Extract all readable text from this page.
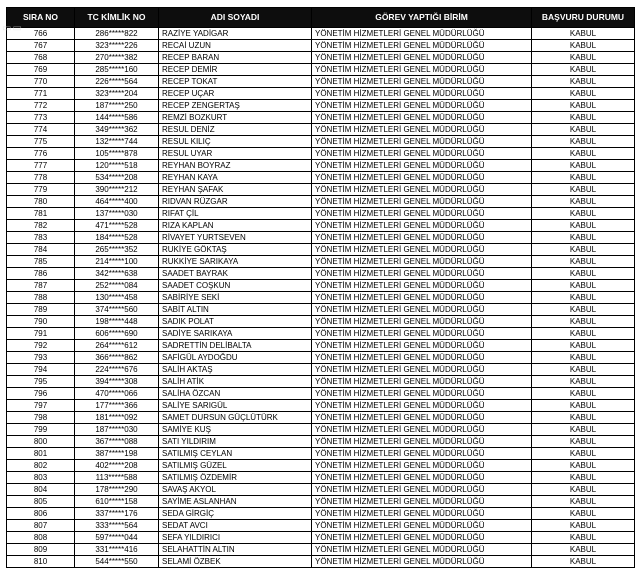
SIRA NO	TC KİMLİK NO	ADI SOYADI	GÖREV YAPTIĞI BİRİM	BAŞVURU DURUMU
766	286*****822	RAZİYE YADİGAR	YÖNETİM HİZMETLERİ GENEL MÜDÜRLÜĞÜ	KABUL
767	323*****226	RECAİ UZUN	YÖNETİM HİZMETLERİ GENEL MÜDÜRLÜĞÜ	KABUL
768	270*****382	RECEP BARAN	YÖNETİM HİZMETLERİ GENEL MÜDÜRLÜĞÜ	KABUL
769	285*****160	RECEP DEMİR	YÖNETİM HİZMETLERİ GENEL MÜDÜRLÜĞÜ	KABUL
770	226*****564	RECEP TOKAT	YÖNETİM HİZMETLERİ GENEL MÜDÜRLÜĞÜ	KABUL
771	323*****204	RECEP UÇAR	YÖNETİM HİZMETLERİ GENEL MÜDÜRLÜĞÜ	KABUL
772	187*****250	RECEP ZENGERTAŞ	YÖNETİM HİZMETLERİ GENEL MÜDÜRLÜĞÜ	KABUL
773	144*****586	REMZİ BOZKURT	YÖNETİM HİZMETLERİ GENEL MÜDÜRLÜĞÜ	KABUL
774	349*****362	RESUL DENİZ	YÖNETİM HİZMETLERİ GENEL MÜDÜRLÜĞÜ	KABUL
775	132*****744	RESUL KILIÇ	YÖNETİM HİZMETLERİ GENEL MÜDÜRLÜĞÜ	KABUL
776	105*****878	RESUL UYAR	YÖNETİM HİZMETLERİ GENEL MÜDÜRLÜĞÜ	KABUL
777	120*****518	REYHAN BOYRAZ	YÖNETİM HİZMETLERİ GENEL MÜDÜRLÜĞÜ	KABUL
778	534*****208	REYHAN KAYA	YÖNETİM HİZMETLERİ GENEL MÜDÜRLÜĞÜ	KABUL
779	390*****212	REYHAN ŞAFAK	YÖNETİM HİZMETLERİ GENEL MÜDÜRLÜĞÜ	KABUL
780	464*****400	RIDVAN RÜZGAR	YÖNETİM HİZMETLERİ GENEL MÜDÜRLÜĞÜ	KABUL
781	137*****030	RIFAT ÇİL	YÖNETİM HİZMETLERİ GENEL MÜDÜRLÜĞÜ	KABUL
782	471*****528	RIZA KAPLAN	YÖNETİM HİZMETLERİ GENEL MÜDÜRLÜĞÜ	KABUL
783	184*****528	RİVAYET YURTSEVEN	YÖNETİM HİZMETLERİ GENEL MÜDÜRLÜĞÜ	KABUL
784	265*****352	RUKİYE GÖKTAŞ	YÖNETİM HİZMETLERİ GENEL MÜDÜRLÜĞÜ	KABUL
785	214*****100	RUKKİYE SARIKAYA	YÖNETİM HİZMETLERİ GENEL MÜDÜRLÜĞÜ	KABUL
786	342*****638	SAADET BAYRAK	YÖNETİM HİZMETLERİ GENEL MÜDÜRLÜĞÜ	KABUL
787	252*****084	SAADET COŞKUN	YÖNETİM HİZMETLERİ GENEL MÜDÜRLÜĞÜ	KABUL
788	130*****458	SABİRİYE SEKİ	YÖNETİM HİZMETLERİ GENEL MÜDÜRLÜĞÜ	KABUL
789	374*****560	SABİT ALTIN	YÖNETİM HİZMETLERİ GENEL MÜDÜRLÜĞÜ	KABUL
790	198*****448	SADIK POLAT	YÖNETİM HİZMETLERİ GENEL MÜDÜRLÜĞÜ	KABUL
791	606*****690	SADİYE SARIKAYA	YÖNETİM HİZMETLERİ GENEL MÜDÜRLÜĞÜ	KABUL
792	264*****612	SADRETTİN DELİBALTA	YÖNETİM HİZMETLERİ GENEL MÜDÜRLÜĞÜ	KABUL
793	366*****862	SAFİGÜL AYDOĞDU	YÖNETİM HİZMETLERİ GENEL MÜDÜRLÜĞÜ	KABUL
794	224*****676	SALİH AKTAŞ	YÖNETİM HİZMETLERİ GENEL MÜDÜRLÜĞÜ	KABUL
795	394*****308	SALİH ATİK	YÖNETİM HİZMETLERİ GENEL MÜDÜRLÜĞÜ	KABUL
796	470*****066	SALİHA ÖZCAN	YÖNETİM HİZMETLERİ GENEL MÜDÜRLÜĞÜ	KABUL
797	177*****366	SALİYE SARIGÜL	YÖNETİM HİZMETLERİ GENEL MÜDÜRLÜĞÜ	KABUL
798	181*****092	SAMET DURSUN GÜÇLÜTÜRK	YÖNETİM HİZMETLERİ GENEL MÜDÜRLÜĞÜ	KABUL
799	187*****030	SAMİYE KUŞ	YÖNETİM HİZMETLERİ GENEL MÜDÜRLÜĞÜ	KABUL
800	367*****088	SATI YILDIRIM	YÖNETİM HİZMETLERİ GENEL MÜDÜRLÜĞÜ	KABUL
801	387*****198	SATILMIŞ CEYLAN	YÖNETİM HİZMETLERİ GENEL MÜDÜRLÜĞÜ	KABUL
802	402*****208	SATILMIŞ GÜZEL	YÖNETİM HİZMETLERİ GENEL MÜDÜRLÜĞÜ	KABUL
803	113*****588	SATILMIŞ ÖZDEMİR	YÖNETİM HİZMETLERİ GENEL MÜDÜRLÜĞÜ	KABUL
804	178*****290	SAVAŞ AKYOL	YÖNETİM HİZMETLERİ GENEL MÜDÜRLÜĞÜ	KABUL
805	610*****158	SAYİME ASLANHAN	YÖNETİM HİZMETLERİ GENEL MÜDÜRLÜĞÜ	KABUL
806	337*****176	SEDA GİRGİÇ	YÖNETİM HİZMETLERİ GENEL MÜDÜRLÜĞÜ	KABUL
807	333*****564	SEDAT AVCI	YÖNETİM HİZMETLERİ GENEL MÜDÜRLÜĞÜ	KABUL
808	597*****044	SEFA YILDIRICI	YÖNETİM HİZMETLERİ GENEL MÜDÜRLÜĞÜ	KABUL
809	331*****416	SELAHATTİN ALTIN	YÖNETİM HİZMETLERİ GENEL MÜDÜRLÜĞÜ	KABUL
810	544*****550	SELAMİ ÖZBEK	YÖNETİM HİZMETLERİ GENEL MÜDÜRLÜĞÜ	KABUL
▭▭
